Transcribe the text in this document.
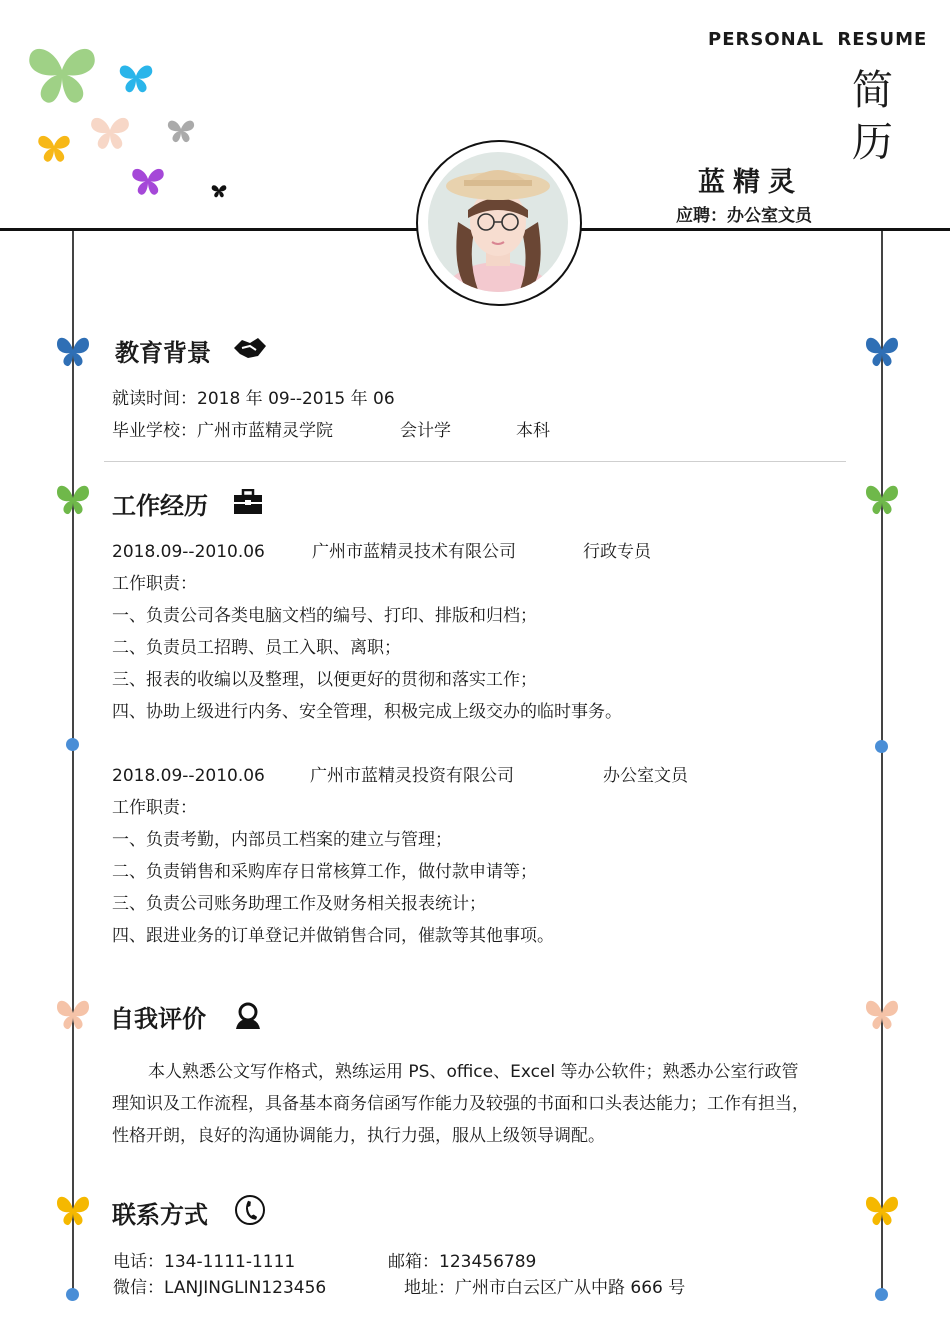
PERSONAL RESUME
简历
蓝精灵
应聘：办公室文员
教育背景
就读时间：2018 年 09--2015 年 06
毕业学校：广州市蓝精灵学院	会计学	本科
工作经历
2018.09--2010.06	广州市蓝精灵技术有限公司	行政专员
工作职责：
一、负责公司各类电脑文档的编号、打印、排版和归档；
二、负责员工招聘、员工入职、离职；
三、报表的收编以及整理，以便更好的贯彻和落实工作；
四、协助上级进行内务、安全管理，积极完成上级交办的临时事务。
2018.09--2010.06	广州市蓝精灵投资有限公司	办公室文员
工作职责：
一、负责考勤，内部员工档案的建立与管理；
二、负责销售和采购库存日常核算工作，做付款申请等；
三、负责公司账务助理工作及财务相关报表统计；
四、跟进业务的订单登记并做销售合同，催款等其他事项。
自我评价
本人熟悉公文写作格式，熟练运用 PS、office、Excel 等办公软件；熟悉办公室行政管理知识及工作流程，具备基本商务信函写作能力及较强的书面和口头表达能力；工作有担当，性格开朗，良好的沟通协调能力，执行力强，服从上级领导调配。
联系方式
电话：134-1111-1111	邮箱：123456789
微信：LANJINGLIN123456	地址：广州市白云区广从中路 666 号
